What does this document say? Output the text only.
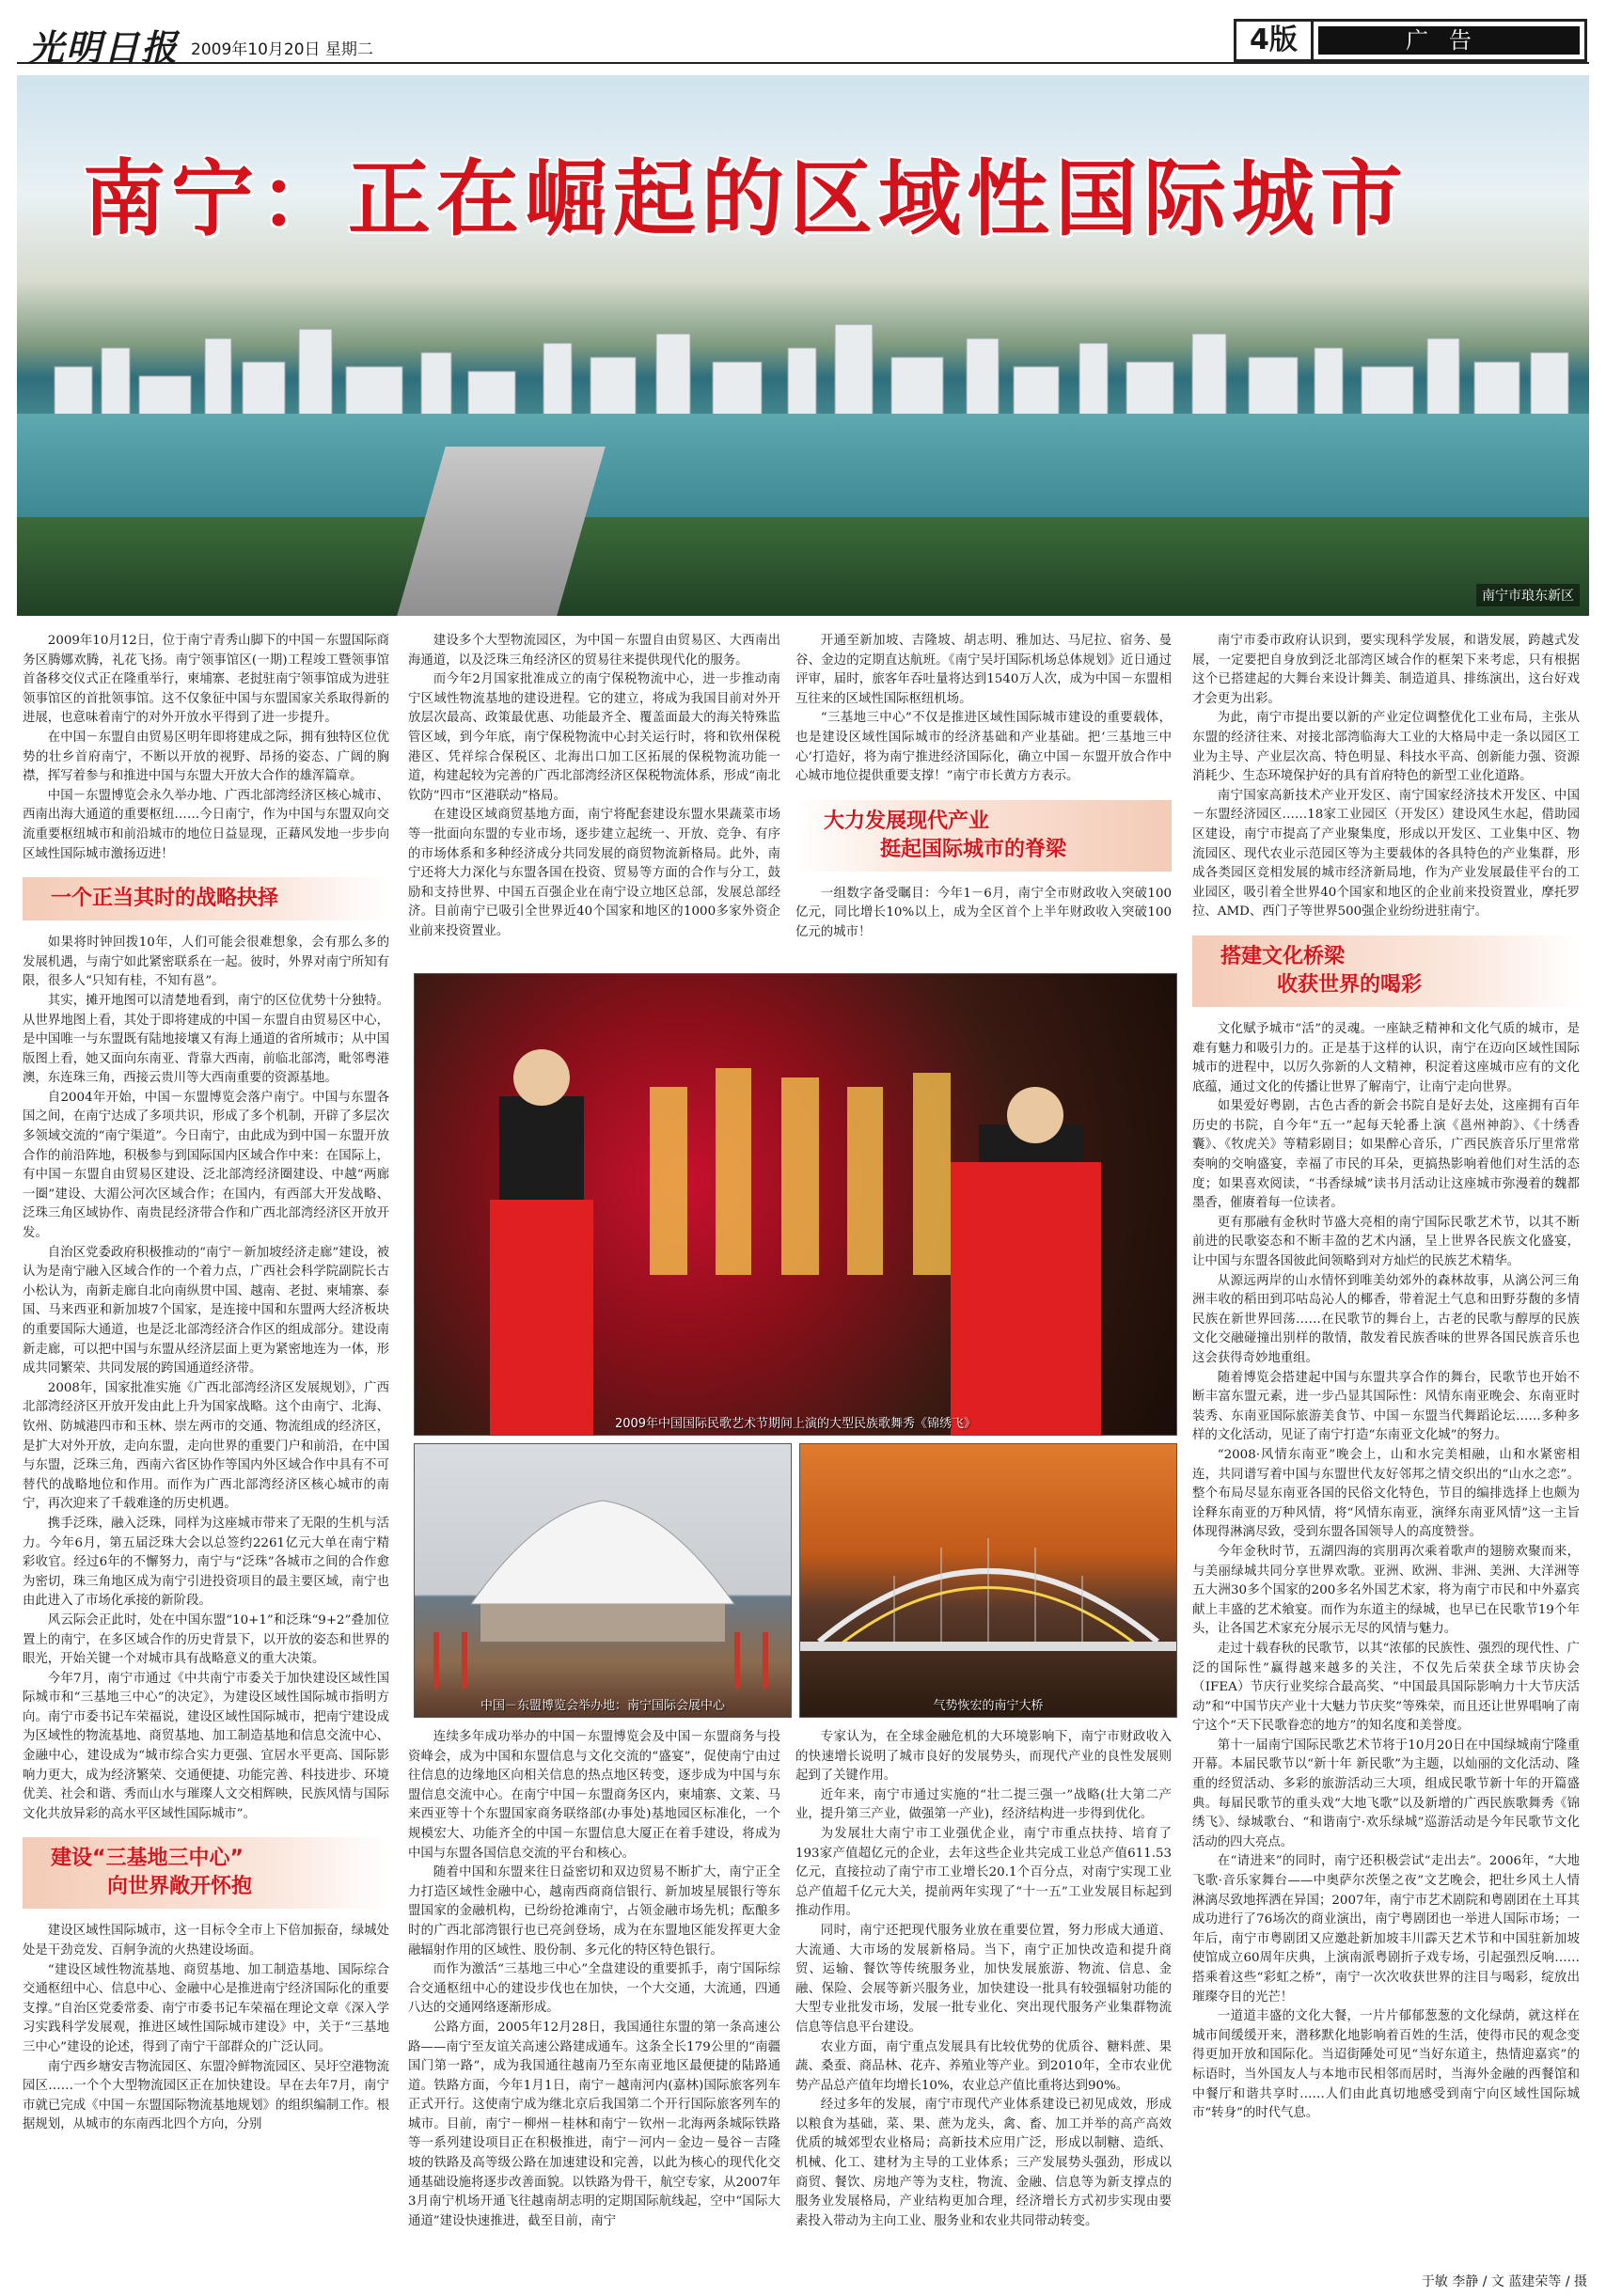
光明日报 2009年10月20日 星期二	4版	广告
南宁：正在崛起的区域性国际城市
南宁市琅东新区

2009年10月12日，位于南宁青秀山脚下的中国－东盟国际商务区腾娜欢腾，礼花飞扬。南宁领事馆区(一期)工程竣工暨领事馆首备移交仪式正在隆重举行，柬埔寨、老挝驻南宁领事馆成为进驻领事馆区的首批领事馆。这不仅象征中国与东盟国家关系取得新的进展，也意味着南宁的对外开放水平得到了进一步提升。

在中国－东盟自由贸易区明年即将建成之际，拥有独特区位优势的壮乡首府南宁，不断以开放的视野、昂扬的姿态、广阔的胸襟，挥写着参与和推进中国与东盟大开放大合作的雄浑篇章。

中国－东盟博览会永久举办地、广西北部湾经济区核心城市、西南出海大通道的重要枢纽……今日南宁，作为中国与东盟双向交流重要枢纽城市和前沿城市的地位日益显现，正藉风发地一步步向区域性国际城市激扬迈进！

一个正当其时的战略抉择

如果将时钟回拨10年，人们可能会很难想象，会有那么多的发展机遇，与南宁如此紧密联系在一起。彼时，外界对南宁所知有限，很多人“只知有桂，不知有邕”。

其实，摊开地图可以清楚地看到，南宁的区位优势十分独特。从世界地图上看，其处于即将建成的中国－东盟自由贸易区中心，是中国唯一与东盟既有陆地接壤又有海上通道的省所城市；从中国版图上看，她又面向东南亚、背靠大西南，前临北部湾，毗邻粤港澳，东连珠三角，西接云贵川等大西南重要的资源基地。

自2004年开始，中国－东盟博览会落户南宁。中国与东盟各国之间，在南宁达成了多项共识，形成了多个机制，开辟了多层次多领域交流的“南宁渠道”。今日南宁，由此成为到中国－东盟开放合作的前沿阵地，积极参与到国际国内区域合作中来：在国际上，有中国－东盟自由贸易区建设、泛北部湾经济圈建设、中越“两廊一圈”建设、大湄公河次区域合作；在国内，有西部大开发战略、泛珠三角区域协作、南贵昆经济带合作和广西北部湾经济区开放开发。

自治区党委政府积极推动的“南宁－新加坡经济走廊”建设，被认为是南宁融入区域合作的一个着力点，广西社会科学院副院长古小松认为，南新走廊自北向南纵贯中国、越南、老挝、柬埔寨、泰国、马来西亚和新加坡7个国家，是连接中国和东盟两大经济板块的重要国际大通道，也是泛北部湾经济合作区的组成部分。建设南新走廊，可以把中国与东盟从经济层面上更为紧密地连为一体，形成共同繁荣、共同发展的跨国通道经济带。

2008年，国家批准实施《广西北部湾经济区发展规划》，广西北部湾经济区开放开发由此上升为国家战略。这个由南宁、北海、钦州、防城港四市和玉林、崇左两市的交通、物流组成的经济区，是扩大对外开放，走向东盟，走向世界的重要门户和前沿，在中国与东盟，泛珠三角，西南六省区协作等国内外区域合作中具有不可替代的战略地位和作用。而作为广西北部湾经济区核心城市的南宁，再次迎来了千载难逢的历史机遇。

携手泛珠，融入泛珠，同样为这座城市带来了无限的生机与活力。今年6月，第五届泛珠大会以总签约2261亿元大单在南宁精彩收官。经过6年的不懈努力，南宁与“泛珠”各城市之间的合作愈为密切，珠三角地区成为南宁引进投资项目的最主要区域，南宁也由此进入了市场化承接的新阶段。

风云际会正此时，处在中国东盟“10+1”和泛珠“9+2”叠加位置上的南宁，在多区域合作的历史背景下，以开放的姿态和世界的眼光，开始关键一个对城市具有战略意义的重大决策。

今年7月，南宁市通过《中共南宁市委关于加快建设区域性国际城市和“三基地三中心”的决定》，为建设区域性国际城市指明方向。南宁市委书记车荣福说，建设区域性国际城市，把南宁建设成为区域性的物流基地、商贸基地、加工制造基地和信息交流中心、金融中心，建设成为“城市综合实力更强、宜居水平更高、国际影响力更大，成为经济繁荣、交通便捷、功能完善、科技进步、环境优美、社会和谐、秀而山水与璀璨人文交相辉映，民族风情与国际文化共放异彩的高水平区域性国际城市”。

建设“三基地三中心”
向世界敞开怀抱

建设区域性国际城市，这一目标令全市上下倍加振奋，绿城处处是干劲竞发、百舸争流的火热建设场面。

“建设区域性物流基地、商贸基地、加工制造基地、国际综合交通枢纽中心、信息中心、金融中心是推进南宁经济国际化的重要支撑。”自治区党委常委、南宁市委书记车荣福在理论文章《深入学习实践科学发展观，推进区域性国际城市建设》中，关于“三基地三中心”建设的论述，得到了南宁干部群众的广泛认同。

南宁西乡塘安吉物流园区、东盟冷鲜物流园区、吴圩空港物流园区……一个个大型物流园区正在加快建设。早在去年7月，南宁市就已完成《中国－东盟国际物流基地规划》的组织编制工作。根据规划，从城市的东南西北四个方向，分别

建设多个大型物流园区，为中国－东盟自由贸易区、大西南出海通道，以及泛珠三角经济区的贸易往来提供现代化的服务。

而今年2月国家批准成立的南宁保税物流中心，进一步推动南宁区域性物流基地的建设进程。它的建立，将成为我国目前对外开放层次最高、政策最优惠、功能最齐全、覆盖面最大的海关特殊监管区域，到今年底，南宁保税物流中心封关运行时，将和钦州保税港区、凭祥综合保税区、北海出口加工区拓展的保税物流功能一道，构建起较为完善的广西北部湾经济区保税物流体系，形成“南北钦防”四市“区港联动”格局。

在建设区域商贸基地方面，南宁将配套建设东盟水果蔬菜市场等一批面向东盟的专业市场，逐步建立起统一、开放、竞争、有序的市场体系和多种经济成分共同发展的商贸物流新格局。此外，南宁还将大力深化与东盟各国在投资、贸易等方面的合作与分工，鼓励和支持世界、中国五百强企业在南宁设立地区总部，发展总部经济。目前南宁已吸引全世界近40个国家和地区的1000多家外资企业前来投资置业。

开通至新加坡、吉隆坡、胡志明、雅加达、马尼拉、宿务、曼谷、金边的定期直达航班。《南宁吴圩国际机场总体规划》近日通过评审，届时，旅客年吞吐量将达到1540万人次，成为中国－东盟相互往来的区域性国际枢纽机场。

“三基地三中心”不仅是推进区域性国际城市建设的重要载体，也是建设区域性国际城市的经济基础和产业基础。把‘三基地三中心’打造好，将为南宁推进经济国际化，确立中国－东盟开放合作中心城市地位提供重要支撑！”南宁市长黄方方表示。

大力发展现代产业
挺起国际城市的脊梁

一组数字备受瞩目：今年1－6月，南宁全市财政收入突破100亿元，同比增长10%以上，成为全区首个上半年财政收入突破100亿元的城市！

南宁市委市政府认识到，要实现科学发展，和谐发展，跨越式发展，一定要把自身放到泛北部湾区域合作的框架下来考虑，只有根据这个已搭建起的大舞台来设计舞美、制造道具、排练演出，这台好戏才会更为出彩。

为此，南宁市提出要以新的产业定位调整优化工业布局，主张从东盟的经济往来、对接北部湾临海大工业的大格局中走一条以园区工业为主导、产业层次高、特色明显、科技水平高、创新能力强、资源消耗少、生态环境保护好的具有首府特色的新型工业化道路。

南宁国家高新技术产业开发区、南宁国家经济技术开发区、中国－东盟经济园区……18家工业园区（开发区）建设风生水起，借助园区建设，南宁市提高了产业聚集度，形成以开发区、工业集中区、物流园区、现代农业示范园区等为主要载体的各具特色的产业集群，形成各类园区竞相发展的城市经济新局地，作为产业发展最佳平台的工业园区，吸引着全世界40个国家和地区的企业前来投资置业，摩托罗拉、AMD、西门子等世界500强企业纷纷进驻南宁。

搭建文化桥梁
收获世界的喝彩

文化赋予城市“活”的灵魂。一座缺乏精神和文化气质的城市，是难有魅力和吸引力的。正是基于这样的认识，南宁在迈向区域性国际城市的进程中，以厉久弥新的人文精神，积淀着这座城市应有的文化底蕴，通过文化的传播让世界了解南宁，让南宁走向世界。

如果爱好粤剧，古色古香的新会书院自是好去处，这座拥有百年历史的书院，自今年“五一”起每天轮番上演《邕州神韵》、《十绣香囊》、《牧虎关》等精彩剧目；如果醉心音乐，广西民族音乐厅里常常奏响的交响盛宴，幸福了市民的耳朵，更搞热影响着他们对生活的态度；如果喜欢阅读，“书香绿城”读书月活动让这座城市弥漫着的魏都墨香，催赓着每一位读者。

更有那融有金秋时节盛大亮相的南宁国际民歌艺术节，以其不断前进的民歌姿态和不断丰盈的艺术内涵，呈上世界各民族文化盛宴，让中国与东盟各国彼此间领略到对方灿烂的民族艺术精华。

从源远两岸的山水情怀到唯美幼郊外的森林故事，从漓公河三角洲丰收的稻田到邛咕岛沁人的椰香，带着泥土气息和田野芬馥的多情民族在新世界回荡……在民歌节的舞台上，古老的民歌与醇厚的民族文化交融碰撞出别样的散情，散发着民族香味的世界各国民族音乐也这会获得奇妙地重组。

随着博览会搭建起中国与东盟共享合作的舞台，民歌节也开始不断丰富东盟元素，进一步凸显其国际性：风情东南亚晚会、东南亚时装秀、东南亚国际旅游美食节、中国－东盟当代舞蹈论坛……多种多样的文化活动，见证了南宁打造“东南亚文化城”的努力。

“2008·风情东南亚”晚会上，山和水完美相融，山和水紧密相连，共同谱写着中国与东盟世代友好邻邦之情交织出的“山水之恋”。整个布局尽显东南亚各国的民俗文化特色，节目的编排选择上也颇为诠释东南亚的万种风情，将“风情东南亚，演绎东南亚风情”这一主旨体现得淋漓尽致，受到东盟各国领导人的高度赞誉。

今年金秋时节，五湖四海的宾朋再次乘着歌声的翅膀欢聚而来，与美丽绿城共同分享世界欢歌。亚洲、欧洲、非洲、美洲、大洋洲等五大洲30多个国家的200多名外国艺术家，将为南宁市民和中外嘉宾献上丰盛的艺术飨宴。而作为东道主的绿城，也早已在民歌节19个年头，让各国艺术家充分展示无尽的风情与魅力。

走过十载春秋的民歌节，以其“浓郁的民族性、强烈的现代性、广泛的国际性”赢得越来越多的关注，不仅先后荣获全球节庆协会（IFEA）节庆行业奖综合最高奖、“中国最具国际影响力十大节庆活动”和“中国节庆产业十大魅力节庆奖”等殊荣，而且还让世界唱响了南宁这个“天下民歌眷恋的地方”的知名度和美誉度。

第十一届南宁国际民歌艺术节将于10月20日在中国绿城南宁隆重开幕。本届民歌节以“新十年 新民歌”为主题，以灿丽的文化活动、隆重的经贸活动、多彩的旅游活动三大项，组成民歌节新十年的开篇盛典。每届民歌节的重头戏“大地飞歌”以及新增的广西民族歌舞秀《锦绣飞》、绿城歌台、“和谐南宁·欢乐绿城”巡游活动是今年民歌节文化活动的四大亮点。

在“请进来”的同时，南宁还积极尝试“走出去”。2006年，“大地飞歌·音乐家舞台——中奥萨尔茨堡之夜”文艺晚会，把壮乡风土人情淋漓尽致地挥洒在异国；2007年，南宁市艺术剧院和粤剧团在土耳其成功进行了76场次的商业演出，南宁粤剧团也一举进人国际市场；一年后，南宁市粤剧团又应邀赴新加坡丰川霹天艺术节和中国驻新加坡使馆成立60周年庆典，上演南派粤剧折子戏专场，引起强烈反响……搭乘着这些“彩虹之桥”，南宁一次次收获世界的注目与喝彩，绽放出璀璨夺目的光芒！

一道道丰盛的文化大餐，一片片郁郁葱葱的文化绿荫，就这样在城市间缓缓开来，潜移默化地影响着百姓的生活，使得市民的观念变得更加开放和国际化。当迢街陲处可见“当好东道主，热情迎嘉宾”的标语时，当外国友人与本地市民相邻而居时，当海外金融的西餐馆和中餐厅和谐共享时……人们由此真切地感受到南宁向区域性国际城市“转身”的时代气息。

于敏 李静 / 文 蓝建荣等 / 摄
2009年中国国际民歌艺术节期间上演的大型民族歌舞秀《锦绣飞》
中国－东盟博览会举办地：南宁国际会展中心	气势恢宏的南宁大桥

连续多年成功举办的中国－东盟博览会及中国－东盟商务与投资峰会，成为中国和东盟信息与文化交流的“盛宴”，促使南宁由过往信息的边缘地区向相关信息的热点地区转变，逐步成为中国与东盟信息交流中心。在南宁中国－东盟商务区内，柬埔寨、文莱、马来西亚等十个东盟国家商务联络部(办事处)基地园区标准化，一个规模宏大、功能齐全的中国－东盟信息大厦正在着手建设，将成为中国与东盟各国信息交流的平台和核心。

随着中国和东盟来往日益密切和双边贸易不断扩大，南宁正全力打造区域性金融中心，越南西商商信银行、新加坡星展银行等东盟国家的金融机构，已纷纷抢滩南宁，占领金融市场先机；酝酿多时的广西北部湾银行也已亮剑登场，成为在东盟地区能发挥更大金融辐射作用的区域性、股份制、多元化的特区特色银行。

而作为激活“三基地三中心”全盘建设的重要抓手，南宁国际综合交通枢纽中心的建设步伐也在加快，一个大交通，大流通，四通八达的交通网络逐渐形成。

公路方面，2005年12月28日，我国通往东盟的第一条高速公路——南宁至友谊关高速公路建成通车。这条全长179公里的“南疆国门第一路”，成为我国通往越南乃至东南亚地区最便捷的陆路通道。铁路方面，今年1月1日，南宁－越南河内(嘉林)国际旅客列车正式开行。这使南宁成为继北京后我国第二个开行国际旅客列车的城市。目前，南宁－柳州－桂林和南宁－钦州－北海两条城际铁路等一系列建设项目正在积极推进，南宁－河内－金边－曼谷－吉隆坡的铁路及高等级公路在加速建设和完善，以此为核心的现代化交通基础设施将逐步改善面貌。以铁路为骨干，航空专家，从2007年3月南宁机场开通飞往越南胡志明的定期国际航线起，空中“国际大通道”建设快速推进，截至目前，南宁

专家认为，在全球金融危机的大环境影响下，南宁市财政收入的快速增长说明了城市良好的发展势头，而现代产业的良性发展则起到了关键作用。

近年来，南宁市通过实施的“壮二提三强一”战略(壮大第二产业，提升第三产业，做强第一产业)，经济结构进一步得到优化。

为发展壮大南宁市工业强优企业，南宁市重点扶持、培育了193家产值超亿元的企业，去年这些企业共完成工业总产值611.53亿元，直接拉动了南宁市工业增长20.1个百分点，对南宁实现工业总产值超千亿元大关，提前两年实现了“十一五”工业发展目标起到推动作用。

同时，南宁还把现代服务业放在重要位置，努力形成大通道、大流通、大市场的发展新格局。当下，南宁正加快改造和提升商贸、运输、餐饮等传统服务业，加快发展旅游、物流、信息、金融、保险、会展等新兴服务业，加快建设一批具有较强辐射功能的大型专业批发市场，发展一批专业化、突出现代服务产业集群物流信息等信息平台建设。

农业方面，南宁重点发展具有比较优势的优质谷、糖料蔗、果蔬、桑蚕、商品林、花卉、养殖业等产业。到2010年，全市农业优势产品总产值年均增长10%，农业总产值比重将达到90%。

经过多年的发展，南宁市现代产业体系建设已初见成效，形成以粮食为基础，菜、果、蔗为龙头，禽、畜、加工并举的高产高效优质的城郊型农业格局；高新技术应用广泛，形成以制糖、造纸、机械、化工、建材为主导的工业体系；三产发展势头强劲，形成以商贸、餐饮、房地产等为支柱，物流、金融、信息等为新支撑点的服务业发展格局，产业结构更加合理，经济增长方式初步实现由要素投入带动为主向工业、服务业和农业共同带动转变。
